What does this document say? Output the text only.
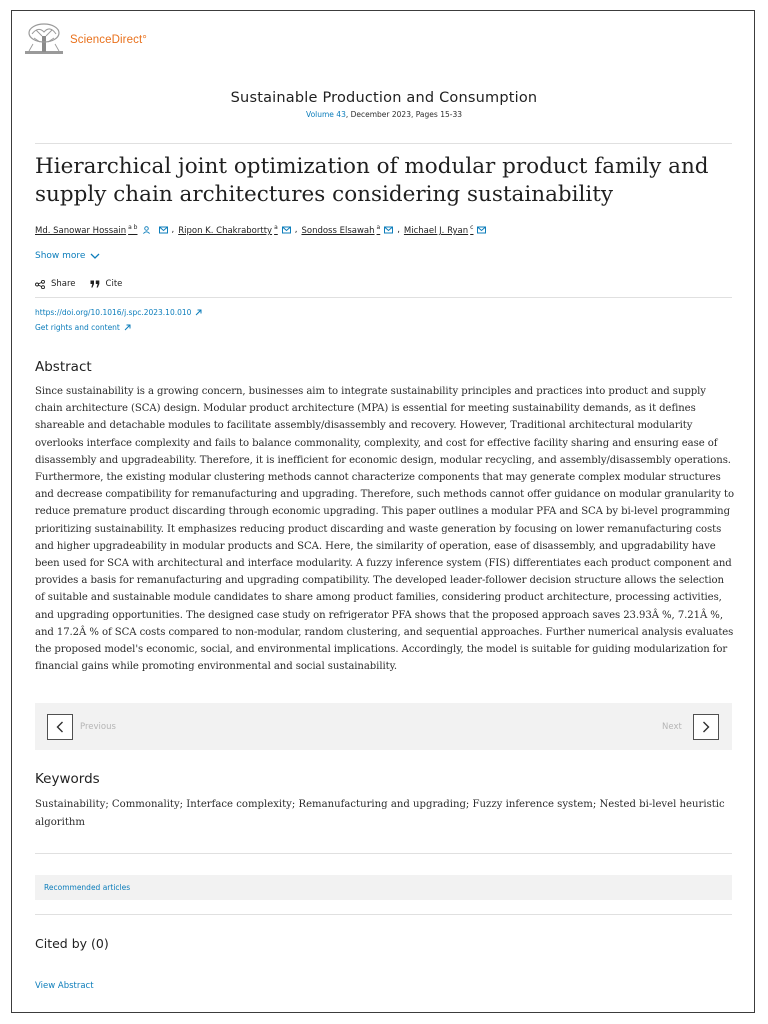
ScienceDirect°
Sustainable Production and Consumption
Volume 43, December 2023, Pages 15-33
Hierarchical joint optimization of modular product family and supply chain architectures considering sustainability
Md. Sanowar Hossain $^{a b}$	, Ripon K. Chakrabortty $^a$ , Sondoss Elsawah $^a$ , Michael J. Ryan $^c$
Show more
Share	Cite
https://doi.org/10.1016/j.spc.2023.10.010
Get rights and content
Abstract
Since sustainability is a growing concern, businesses aim to integrate sustainability principles and practices into product and supply chain architecture (SCA) design. Modular product architecture (MPA) is essential for meeting sustainability demands, as it defines shareable and detachable modules to facilitate assembly/disassembly and recovery. However, Traditional architectural modularity overlooks interface complexity and fails to balance commonality, complexity, and cost for effective facility sharing and ensuring ease of disassembly and upgradeability. Therefore, it is inefficient for economic design, modular recycling, and assembly/disassembly operations. Furthermore, the existing modular clustering methods cannot characterize components that may generate complex modular structures and decrease compatibility for remanufacturing and upgrading. Therefore, such methods cannot offer guidance on modular granularity to reduce premature product discarding through economic upgrading. This paper outlines a modular PFA and SCA by bi-level programming prioritizing sustainability. It emphasizes reducing product discarding and waste generation by focusing on lower remanufacturing costs and higher upgradeability in modular products and SCA. Here, the similarity of operation, ease of disassembly, and upgradability have been used for SCA with architectural and interface modularity. A fuzzy inference system (FIS) differentiates each product component and provides a basis for remanufacturing and upgrading compatibility. The developed leader-follower decision structure allows the selection of suitable and sustainable module candidates to share among product families, considering product architecture, processing activities, and upgrading opportunities. The designed case study on refrigerator PFA shows that the proposed approach saves 23.93Â %, 7.21Â %, and 17.2Â % of SCA costs compared to non-modular, random clustering, and sequential approaches. Further numerical analysis evaluates the proposed model's economic, social, and environmental implications. Accordingly, the model is suitable for guiding modularization for financial gains while promoting environmental and social sustainability.
Previous	Next
Keywords
Sustainability; Commonality; Interface complexity; Remanufacturing and upgrading; Fuzzy inference system; Nested bi-level heuristic algorithm
Recommended articles
Cited by (0)
View Abstract
